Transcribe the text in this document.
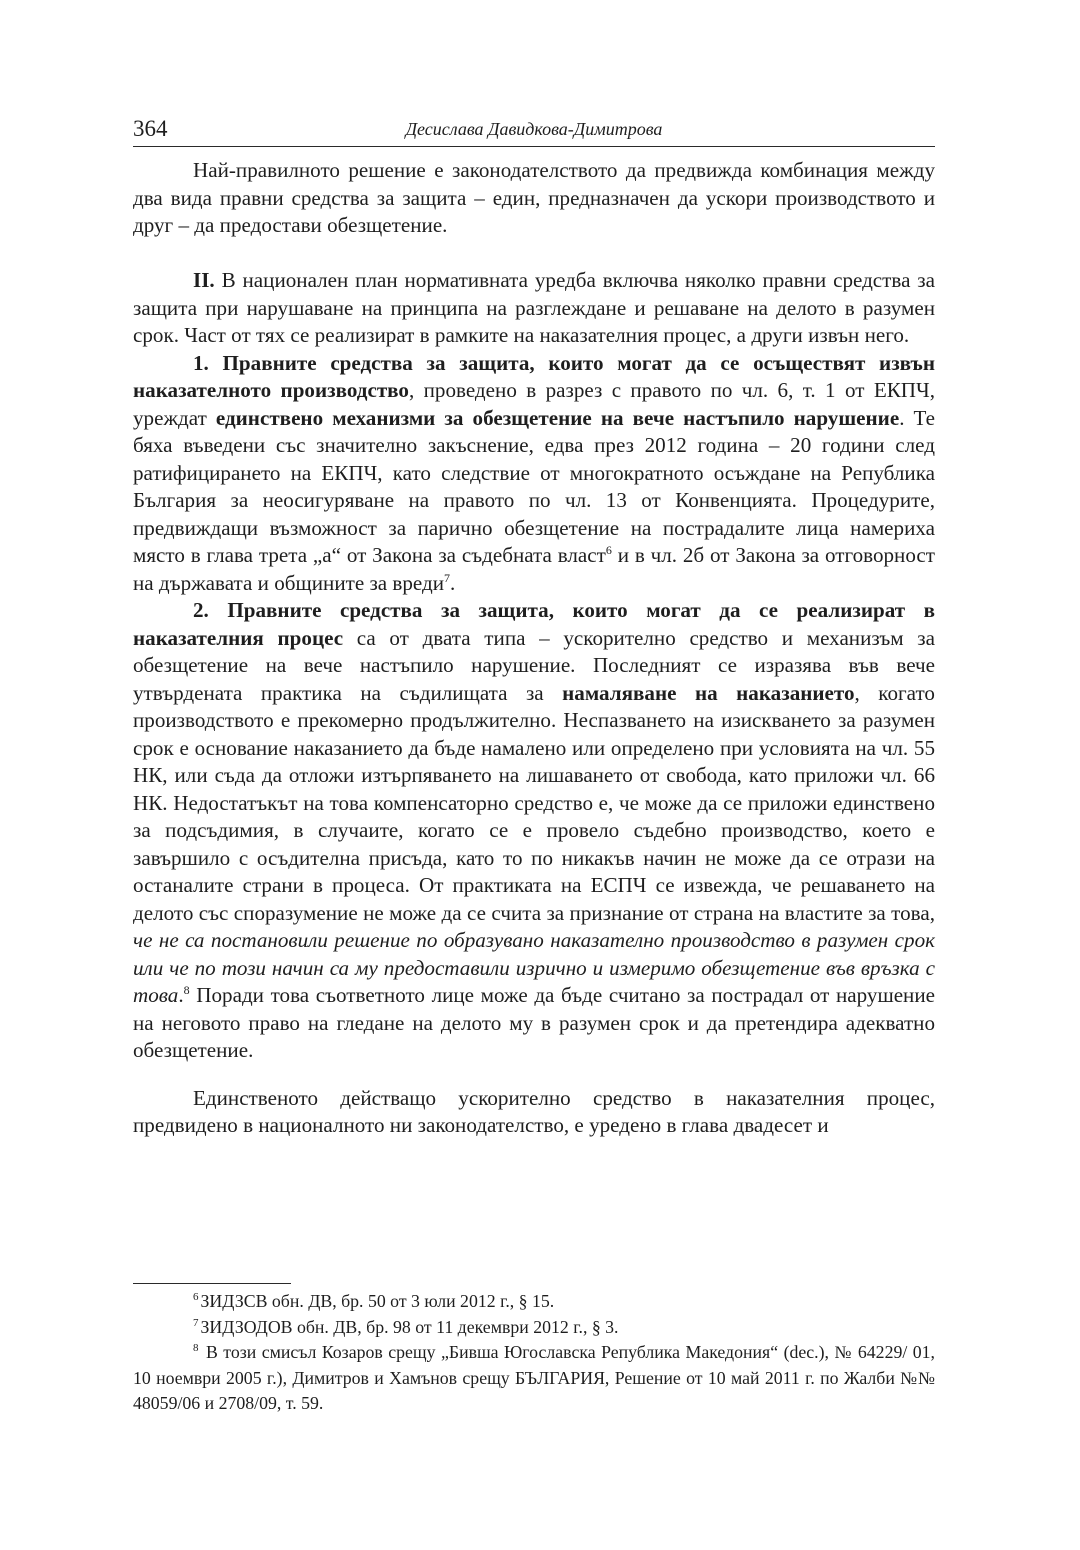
364	Десислава Давидкова-Димитрова

Най-правилното решение е законодателството да предвижда комбинация между два вида правни средства за защита – един, предназначен да ускори производството и друг – да предостави обезщетение.

II. В национален план нормативната уредба включва няколко правни средства за защита при нарушаване на принципа на разглеждане и решаване на делото в разумен срок. Част от тях се реализират в рамките на наказателния процес, а други извън него.

1. Правните средства за защита, които могат да се осъществят извън наказателното производство, проведено в разрез с правото по чл. 6, т. 1 от ЕКПЧ, уреждат единствено механизми за обезщетение на вече настъпило нарушение. Те бяха въведени със значително закъснение, едва през 2012 година – 20 години след ратифицирането на ЕКПЧ, като следствие от многократното осъждане на Република България за неосигуряване на правото по чл. 13 от Конвенцията. Процедурите, предвиждащи възможност за парично обезщетение на пострадалите лица намериха място в глава трета „а“ от Закона за съдебната власт$^6$ и в чл. 2б от Закона за отговорност на държавата и общините за вреди$^7$.

2. Правните средства за защита, които могат да се реализират в наказателния процес са от двата типа – ускорително средство и механизъм за обезщетение на вече настъпило нарушение. Последният се изразява във вече утвърдената практика на съдилищата за намаляване на наказанието, когато производството е прекомерно продължително. Неспазването на изискването за разумен срок е основание наказанието да бъде намалено или определено при условията на чл. 55 НК, или съда да отложи изтърпяването на лишаването от свобода, като приложи чл. 66 НК. Недостатъкът на това компенсаторно средство е, че може да се приложи единствено за подсъдимия, в случаите, когато се е провело съдебно производство, което е завършило с осъдителна присъда, като то по никакъв начин не може да се отрази на останалите страни в процеса. От практиката на ЕСПЧ се извежда, че решаването на делото със споразумение не може да се счита за признание от страна на властите за това, че не са постановили решение по образувано наказателно производство в разумен срок или че по този начин са му предоставили изрично и измеримо обезщетение във връзка с това.$^8$ Поради това съответното лице може да бъде считано за пострадал от нарушение на неговото право на гледане на делото му в разумен срок и да претендира адекватно обезщетение.

Единственото действащо ускорително средство в наказателния процес, предвидено в националното ни законодателство, е уредено в глава двадесет и

$^6$ ЗИДЗСВ обн. ДВ, бр. 50 от 3 юли 2012 г., § 15.

$^7$ ЗИДЗОДОВ обн. ДВ, бр. 98 от 11 декември 2012 г., § 3.

$^8$ В този смисъл Козаров срещу „Бивша Югославска Република Македония“ (dec.), № 64229/ 01, 10 ноември 2005 г.), Димитров и Хамънов срещу БЪЛГАРИЯ, Решение от 10 май 2011 г. по Жалби №№ 48059/06 и 2708/09, т. 59.
